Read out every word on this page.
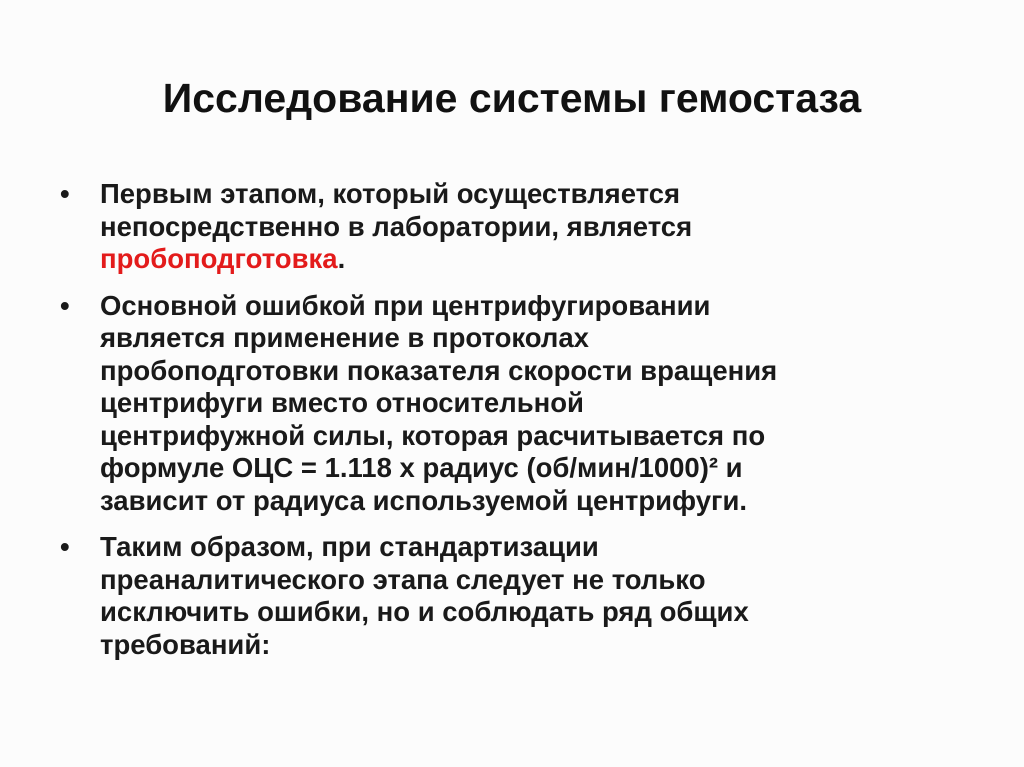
Исследование системы гемостаза
•	Первым этапом, который осуществляется
непосредственно в лаборатории, является
пробоподготовка.
•	Основной ошибкой при центрифугировании
является применение в протоколах
пробоподготовки показателя скорости вращения
центрифуги вместо относительной
центрифужной силы, которая расчитывается по
формуле ОЦС = 1.118 х радиус (об/мин/1000)² и
зависит от радиуса используемой центрифуги.
•	Таким образом, при стандартизации
преаналитического этапа следует не только
исключить ошибки, но и соблюдать ряд общих
требований:
